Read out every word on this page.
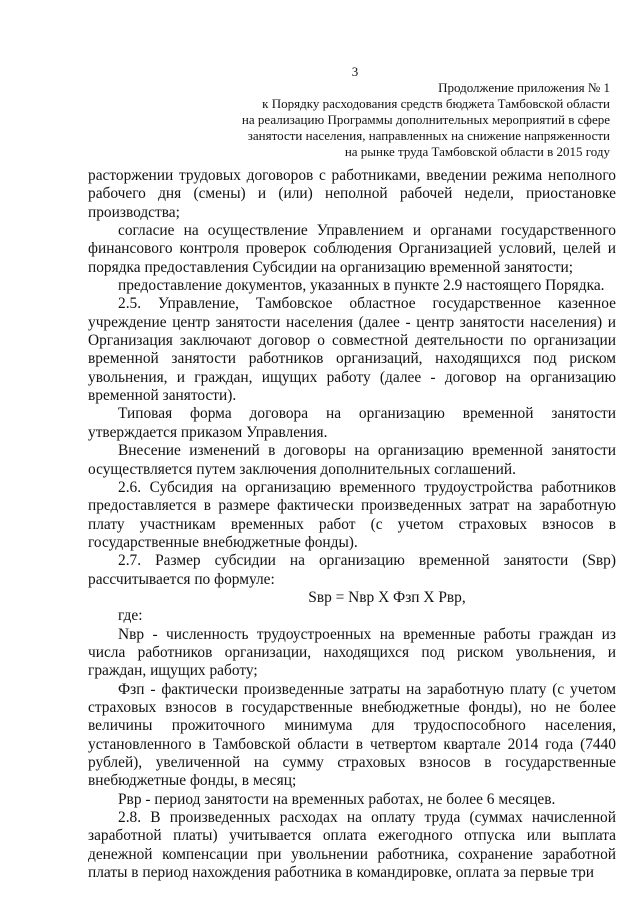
3
Продолжение приложения № 1
к Порядку расходования средств бюджета Тамбовской области
на реализацию Программы дополнительных мероприятий в сфере
занятости населения, направленных на снижение напряженности
на рынке труда Тамбовской области в 2015 году

расторжении трудовых договоров с работниками, введении режима неполного рабочего дня (смены) и (или) неполной рабочей недели, приостановке производства;

согласие на осуществление Управлением и органами государственного финансового контроля проверок соблюдения Организацией условий, целей и порядка предоставления Субсидии на организацию временной занятости;

предоставление документов, указанных в пункте 2.9 настоящего Порядка.

2.5. Управление, Тамбовское областное государственное казенное учреждение центр занятости населения (далее - центр занятости населения) и Организация заключают договор о совместной деятельности по организации временной занятости работников организаций, находящихся под риском увольнения, и граждан, ищущих работу (далее - договор на организацию временной занятости).

Типовая форма договора на организацию временной занятости утверждается приказом Управления.

Внесение изменений в договоры на организацию временной занятости осуществляется путем заключения дополнительных соглашений.

2.6. Субсидия на организацию временного трудоустройства работников предоставляется в размере фактически произведенных затрат на заработную плату участникам временных работ (с учетом страховых взносов в государственные внебюджетные фонды).

2.7. Размер субсидии на организацию временной занятости (Sвр) рассчитывается по формуле:

Sвр = Nвр X Фзп X Рвр,

где:

Nвр - численность трудоустроенных на временные работы граждан из числа работников организации, находящихся под риском увольнения, и граждан, ищущих работу;

Фзп - фактически произведенные затраты на заработную плату (с учетом страховых взносов в государственные внебюджетные фонды), но не более величины прожиточного минимума для трудоспособного населения, установленного в Тамбовской области в четвертом квартале 2014 года (7440 рублей), увеличенной на сумму страховых взносов в государственные внебюджетные фонды, в месяц;

Рвр - период занятости на временных работах, не более 6 месяцев.

2.8. В произведенных расходах на оплату труда (суммах начисленной заработной платы) учитывается оплата ежегодного отпуска или выплата денежной компенсации при увольнении работника, сохранение заработной платы в период нахождения работника в командировке, оплата за первые три
